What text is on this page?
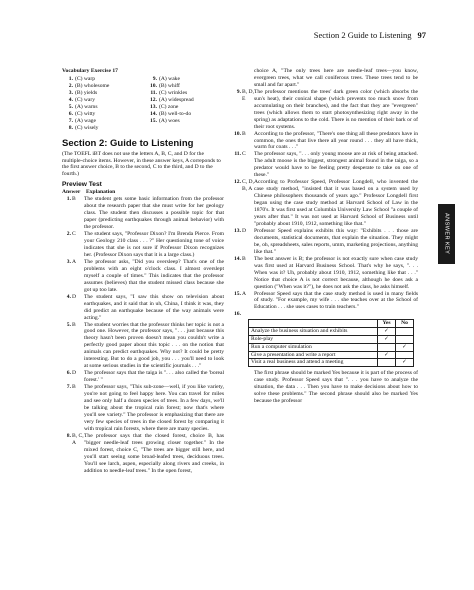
Section 2 Guide to Listening 97
Vocabulary Exercise 17
1. (C) warp	9. (A) wake
2. (B) wholesome	10. (B) whiff
3. (B) yields	11. (C) wrinkles
4. (C) wary	12. (A) widespread
5. (A) warns	13. (C) zone
6. (C) witty	14. (B) well-to-do
7. (A) wage	15. (A) woes
8. (C) wisely
Section 2: Guide to Listening
(The TOEFL iBT does not use the letters A, B, C, and D for the multiple-choice items. However, in these answer keys, A correponds to the first answer choice, B to the second, C to the third, and D to the fourth.)
Preview Test
Answer	Explanation
1. B The student gets some basic information from the professor about the research paper that she must write for her geology class. The student then discusses a possible topic for that paper (predicting earthquakes through animal behavior) with the professor.
2. C The student says, "Professor Dixon? I'm Brenda Pierce. From your Geology 210 class . . . ?" Her questioning tone of voice indicates that she is not sure if Professor Dixon recognizes her. (Professor Dixon says that it is a large class.)
3. A The professor asks, "Did you oversleep? That's one of the problems with an eight o'clock class. I almost overslept myself a couple of times." This indicates that the professor assumes (believes) that the student missed class because she got up too late.
4. D The student says, "I saw this show on television about earthquakes, and it said that in uh, China, I think it was, they did predict an earthquake because of the way animals were acting."
5. B The student worries that the professor thinks her topic is not a good one. However, the professor says, ". . . just because this theory hasn't been proven doesn't mean you couldn't write a perfectly good paper about this topic . . . on the notion that animals can predict earthquakes. Why not? It could be pretty interesting. But to do a good job, you . . . you'll need to look at some serious studies in the scientific journals . . ."
6. D The professor says that the taiga is ". . . also called the 'boreal forest.' "
7. B The professor says, "This sub-zone—well, if you like variety, you're not going to feel happy here. You can travel for miles and see only half a dozen species of trees. In a few days, we'll be talking about the tropical rain forest; now that's where you'll see variety." The professor is emphasizing that there are very few species of trees in the closed forest by comparing it with tropical rain forests, where there are many species.
8. B, C,
A
The professor says that the closed forest, choice B, has "bigger needle-leaf trees growing closer together." In the mixed forest, choice C, "The trees are bigger still here, and you'll start seeing some broad-leafed trees, deciduous trees. You'll see larch, aspen, especially along rivers and creeks, in addition to needle-leaf trees." In the open forest,
choice A, "The only trees here are needle-leaf trees—you know, evergreen trees, what we call coniferous trees. These trees tend to be small and far apart."
9. B, D,
E
The professor mentions the trees' dark green color (which absorbs the sun's heat), their conical shape (which prevents too much snow from accumulating on their branches), and the fact that they are "evergreen" trees (which allows them to start photosynthesizing right away in the spring) as adaptations to the cold. There is no mention of their bark or of their root systems.
10. B According to the professor, "There's one thing all these predators have in common, the ones that live there all year round . . . they all have thick, warm fur coats . . ."
11. C The professor says, ". . . only young moose are at risk of being attacked. The adult moose is the biggest, strongest animal found in the taiga, so a predator would have to be feeling pretty desperate to take on one of these."
12. C, D,
B, A
According to Professor Speed, Professor Longdell, who invented the case study method, "insisted that it was based on a system used by Chinese philosophers thousands of years ago." Professor Longdell first began using the case study method at Harvard School of Law in the 1870's. It was first used at Columbia University Law School "a couple of years after that." It was not used at Harvard School of Business until "probably about 1910, 1912, something like that."
13. D Professor Speed explains exhibits this way: "Exhibits . . . those are documents, statistical documents, that explain the situation. They might be, oh, spreadsheets, sales reports, umm, marketing projections, anything like that."
14. B The best answer is B; the professor is not exactly sure when case study was first used at Harvard Business School. That's why he says, ". . . When was it? Uh, probably about 1910, 1912, something like that . . ." Notice that choice A is not correct because, although he does ask a question ("When was it?"), he does not ask the class, he asks himself.
15. A Professor Speed says that the case study method is used in many fields of study. "For example, my wife . . . she teaches over at the School of Education . . . she uses cases to train teachers."
16.
	Yes	No
Analyze the business situation and exhibits	✓	
Role-play	✓	
Run a computer simulation		✓
Give a presentation and write a report	✓	
Visit a real business and attend a meeting		✓
The first phrase should be marked Yes because it is part of the process of case study. Professor Speed says that ". . . you have to analyze the situation, the data . . . Then you have to make decisions about how to solve these problems." The second phrase should also be marked Yes because the professor
ANSWER KEY
